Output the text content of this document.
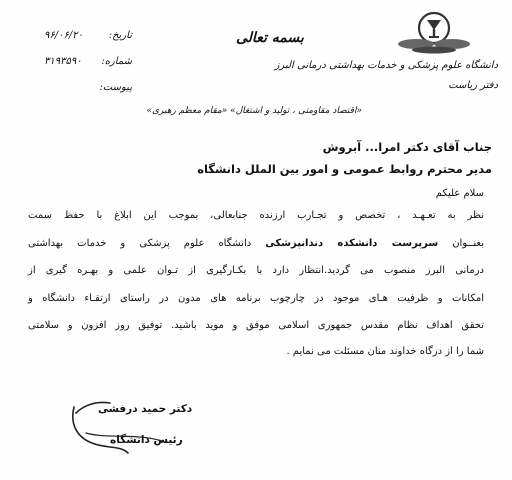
دانشگاه علوم پزشکی و خدمات بهداشتی درمانی البرز
دفتر ریاست
بسمه تعالی
تاریخ:
۹۶/۰۶/۲۰
شماره:
۳۱۹۳۵۹۰
پیوست:
«اقتصاد مقاومتی ، تولید و اشتغال» «مقام معظم رهبری»
جناب آقای دکتر امرا... آبروش
مدیر محترم روابط عمومی و امور بین الملل دانشگاه
سلام علیکم
نظر به تعـهـد ، تخصص و تجـارب ارزنده جنابعالی، بموجب این ابلاغ با حفظ سمت
بعنــوان سرپرست دانشکده دندانپزشکی دانشگاه علوم پزشکی و خدمات بهداشتی
درمانی البرز منصوب می گردید.انتظار دارد با بکـارگیری از تـوان علمی و بهـره گیری از
امکانات و ظرفیت هـای موجود در چارچوب برنامه های مدون در راستای ارتقـاء دانشگاه و
تحقق اهداف نظام مقدس جمهوری اسلامی موفق و موید باشید. توفیق روز افزون و سلامتی
شما را از درگاه خداوند منان مسئلت می نمایم .
دکتر حمید درفشی
رئیس دانشگاه
